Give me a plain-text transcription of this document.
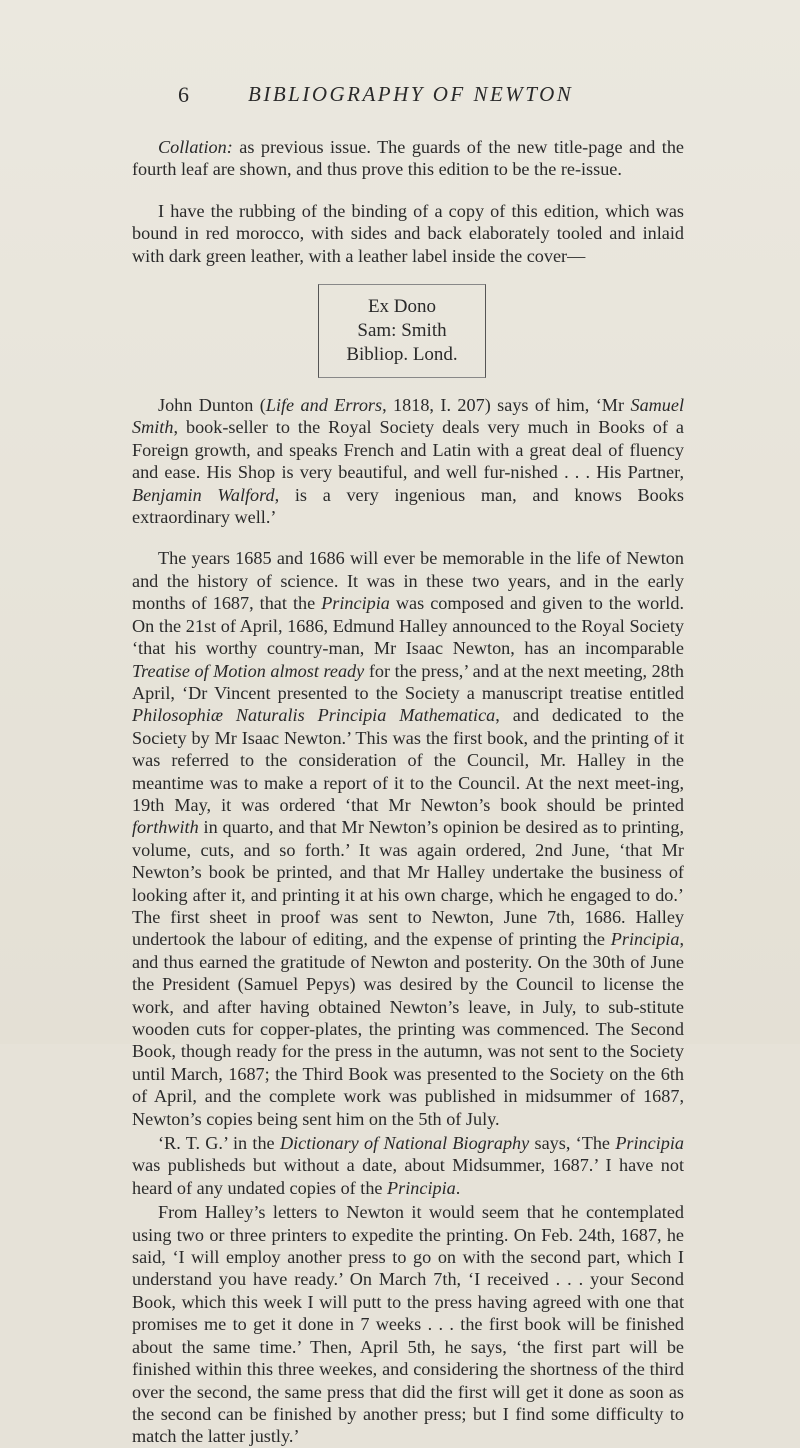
6	BIBLIOGRAPHY OF NEWTON

Collation: as previous issue. The guards of the new title-page and the fourth leaf are shown, and thus prove this edition to be the re-issue.

I have the rubbing of the binding of a copy of this edition, which was bound in red morocco, with sides and back elaborately tooled and inlaid with dark green leather, with a leather label inside the cover—

Ex Dono
Sam: Smith
Bibliop. Lond.

John Dunton (Life and Errors, 1818, I. 207) says of him, ‘Mr Samuel Smith, book-seller to the Royal Society deals very much in Books of a Foreign growth, and speaks French and Latin with a great deal of fluency and ease. His Shop is very beautiful, and well fur-nished . . . His Partner, Benjamin Walford, is a very ingenious man, and knows Books extraordinary well.’

The years 1685 and 1686 will ever be memorable in the life of Newton and the history of science. It was in these two years, and in the early months of 1687, that the Principia was composed and given to the world. On the 21st of April, 1686, Edmund Halley announced to the Royal Society ‘that his worthy country-man, Mr Isaac Newton, has an incomparable Treatise of Motion almost ready for the press,’ and at the next meeting, 28th April, ‘Dr Vincent presented to the Society a manuscript treatise entitled Philosophiæ Naturalis Principia Mathematica, and dedicated to the Society by Mr Isaac Newton.’ This was the first book, and the printing of it was referred to the consideration of the Council, Mr. Halley in the meantime was to make a report of it to the Council. At the next meet-ing, 19th May, it was ordered ‘that Mr Newton’s book should be printed forthwith in quarto, and that Mr Newton’s opinion be desired as to printing, volume, cuts, and so forth.’ It was again ordered, 2nd June, ‘that Mr Newton’s book be printed, and that Mr Halley undertake the business of looking after it, and printing it at his own charge, which he engaged to do.’ The first sheet in proof was sent to Newton, June 7th, 1686. Halley undertook the labour of editing, and the expense of printing the Principia, and thus earned the gratitude of Newton and posterity. On the 30th of June the President (Samuel Pepys) was desired by the Council to license the work, and after having obtained Newton’s leave, in July, to sub-stitute wooden cuts for copper-plates, the printing was commenced. The Second Book, though ready for the press in the autumn, was not sent to the Society until March, 1687; the Third Book was presented to the Society on the 6th of April, and the complete work was published in midsummer of 1687, Newton’s copies being sent him on the 5th of July.

‘R. T. G.’ in the Dictionary of National Biography says, ‘The Principia was publisheds but without a date, about Midsummer, 1687.’ I have not heard of any undated copies of the Principia.

From Halley’s letters to Newton it would seem that he contemplated using two or three printers to expedite the printing. On Feb. 24th, 1687, he said, ‘I will employ another press to go on with the second part, which I understand you have ready.’ On March 7th, ‘I received . . . your Second Book, which this week I will putt to the press having agreed with one that promises me to get it done in 7 weeks . . . the first book will be finished about the same time.’ Then, April 5th, he says, ‘the first part will be finished within this three weekes, and considering the shortness of the third over the second, the same press that did the first will get it done as soon as the second can be finished by another press; but I find some difficulty to match the latter justly.’
